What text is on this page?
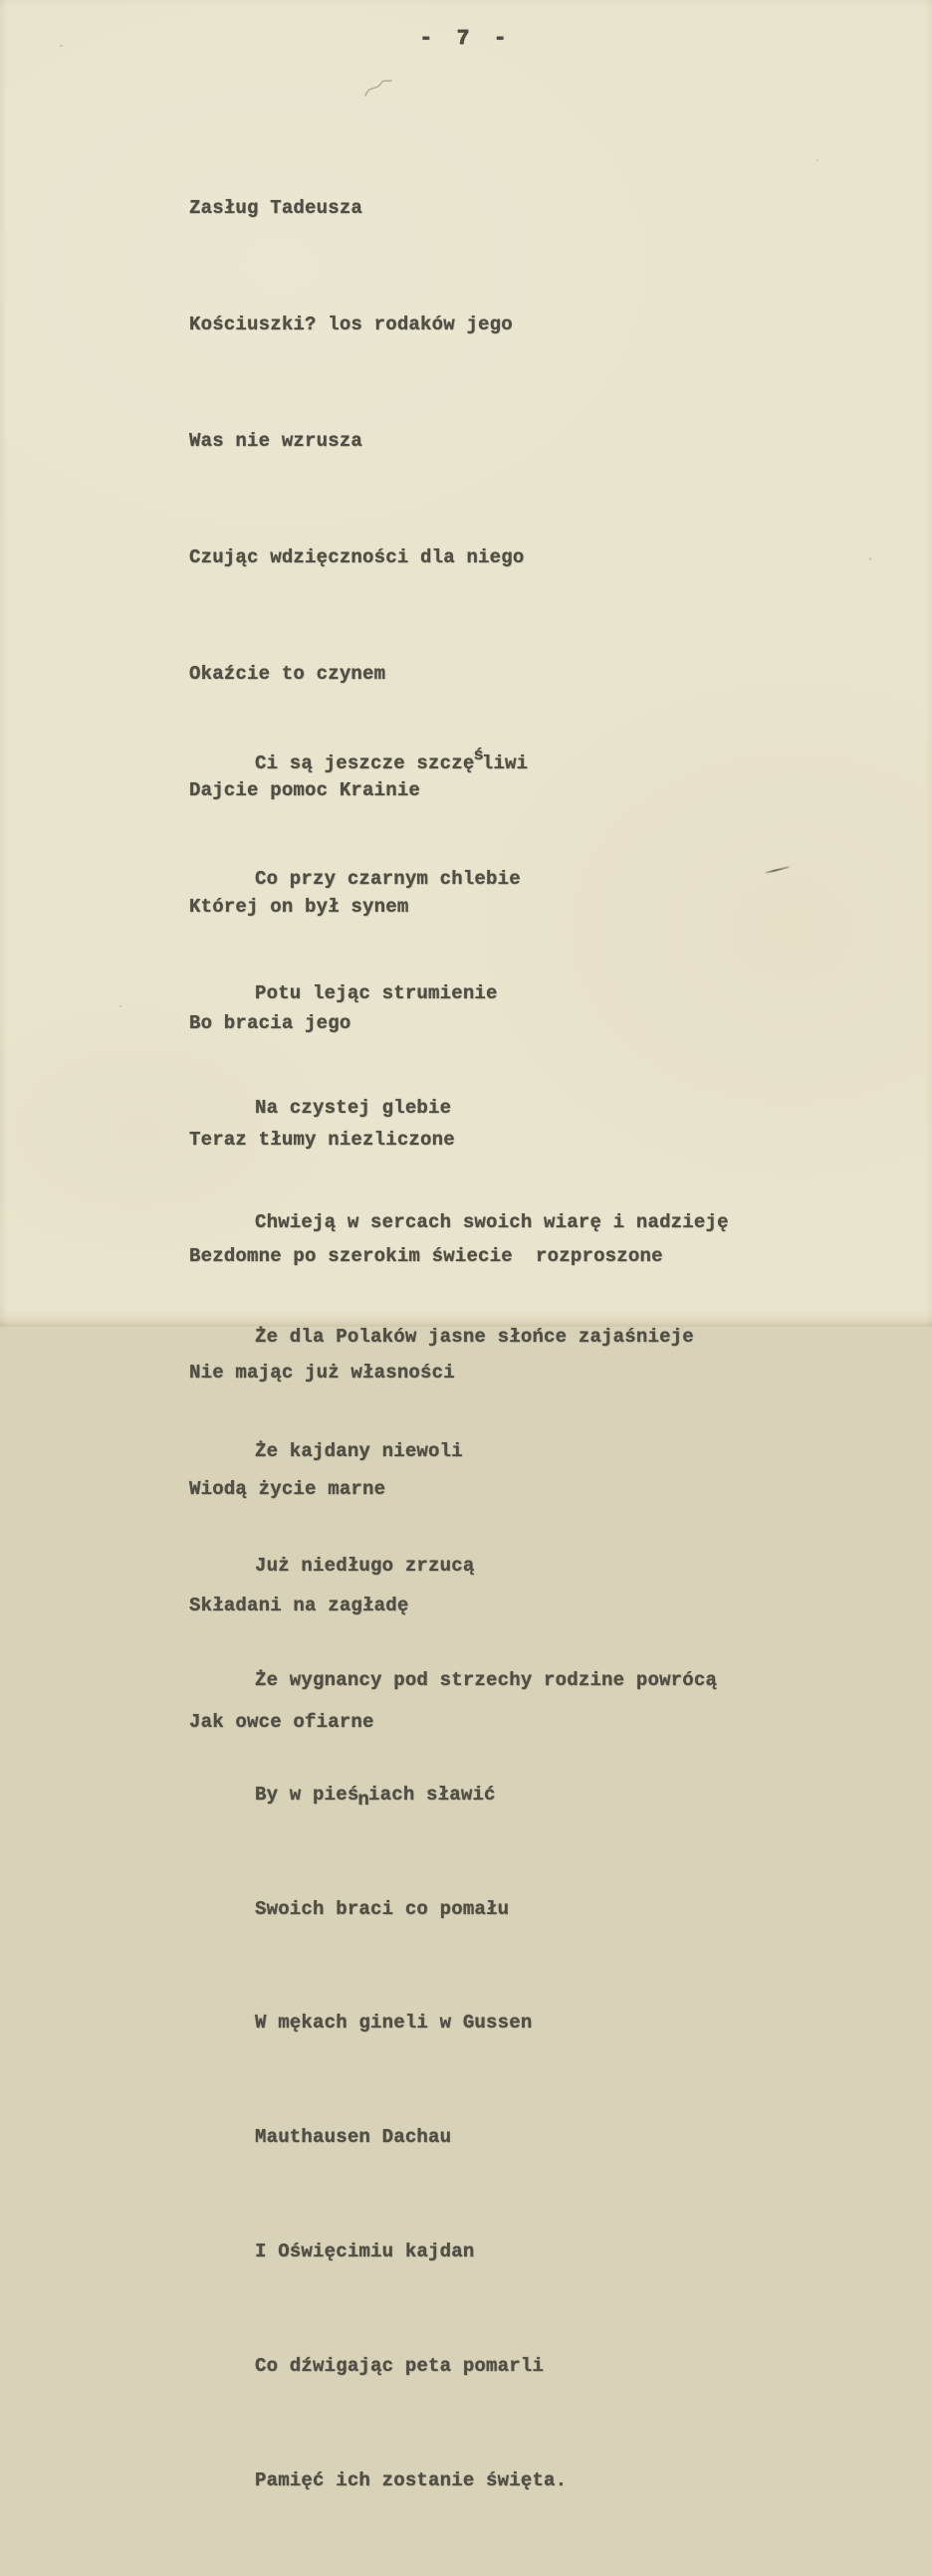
- 7 -

Zasług Tadeusza

Kościuszki? los rodaków jego

Was nie wzrusza

Czując wdzięczności dla niego

Okaźcie to czynem

Dajcie pomoc Krainie

Której on był synem

Bo bracia jego

Teraz tłumy niezliczone

Bezdomne po szerokim świecie  rozproszone

Nie mając już własności

Wiodą życie marne

Składani na zagładę

Jak owce ofiarne

Ci są jeszcze szczęśliwi

Co przy czarnym chlebie

Potu lejąc strumienie

Na czystej glebie

Chwieją w sercach swoich wiarę i nadzieję

Że dla Polaków jasne słońce zajaśnieje

Że kajdany niewoli

Już niedługo zrzucą

Że wygnancy pod strzechy rodzine powrócą

By w pieśniach sławić

Swoich braci co pomału

W mękach gineli w Gussen

Mauthausen Dachau

I Oświęcimiu kajdan

Co dźwigając peta pomarli

Pamięć ich zostanie święta.
